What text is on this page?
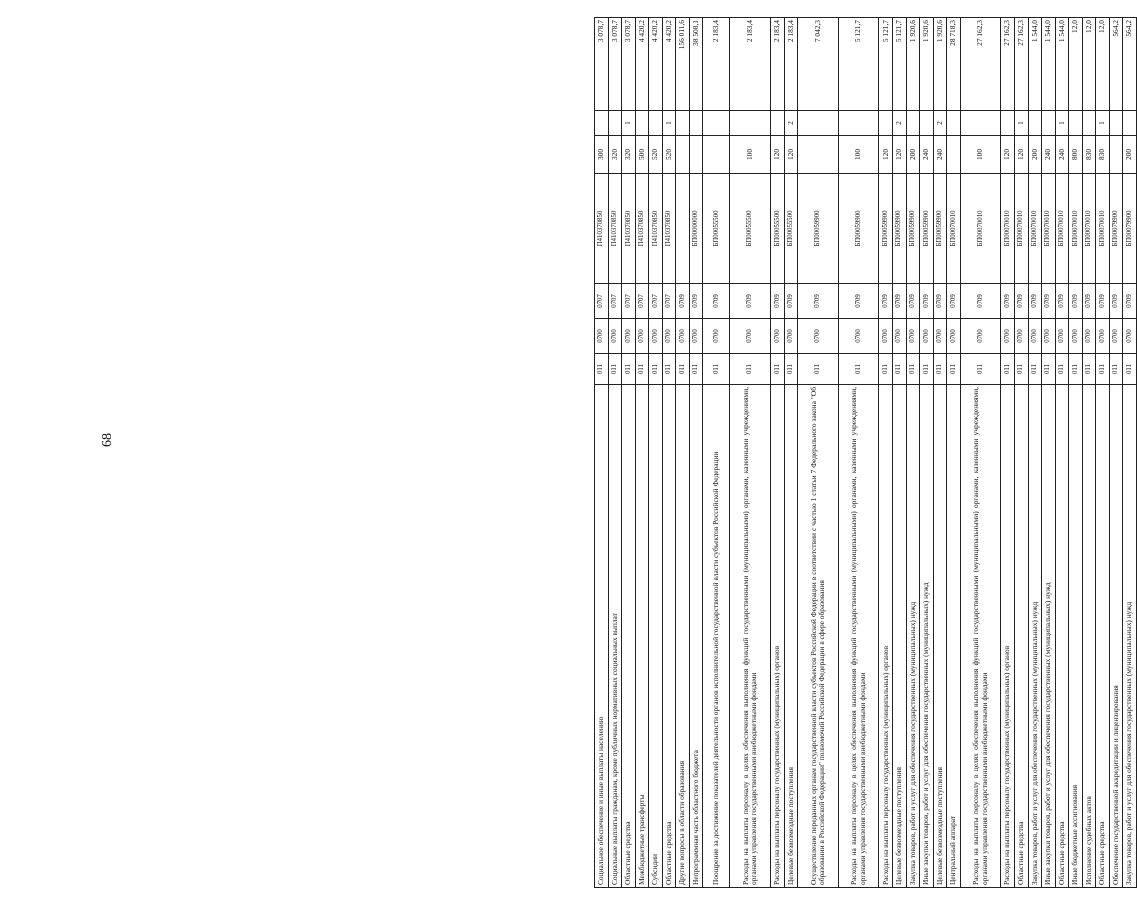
68
Социальное обеспечение и иные выплаты населению	011	0700	0707	П410370850	300		3 078,7
Социальные выплаты гражданам, кроме публичных нормативных социальных выплат	011	0700	0707	П410370850	320		3 078,7
Областные средства	011	0700	0707	П410370850	320	1	3 078,7
Межбюджетные трансферты	011	0700	0707	П410370850	500		4 420,2
Субсидии	011	0700	0707	П410370850	520		4 420,2
Областные средства	011	0700	0707	П410370850	520	1	4 420,2
Другие вопросы в области образования	011	0700	0709				156 011,6
Непрограммная часть областного бюджета	011	0700	0709	БП00000000			38 508,1
Поощрение за достижение показателей деятельности органов исполнительной государственной власти субъектов Российской Федерации	011	0700	0709	БП00055500			2 183,4
Расходы на выплаты персоналу в целях обеспечения выполнения функций государственными (муниципальными) органами, казенными учреждениями, органами управления государственными внебюджетными фондами	011	0700	0709	БП00055500	100		2 183,4
Расходы на выплаты персоналу государственных (муниципальных) органов	011	0700	0709	БП00055500	120		2 183,4
Целевые безвозмездные поступления	011	0700	0709	БП00055500	120	2	2 183,4
Осуществление переданных органам государственной власти субъектов Российской Федерации в соответствии с частью 1 статьи 7 Федерального закона "Об образовании в Российской Федерации" полномочий Российской Федерации в сфере образования	011	0700	0709	БП00059900			7 042,3
Расходы на выплаты персоналу в целях обеспечения выполнения функций государственными (муниципальными) органами, казенными учреждениями, органами управления государственными внебюджетными фондами	011	0700	0709	БП00059900	100		5 121,7
Расходы на выплаты персоналу государственных (муниципальных) органов	011	0700	0709	БП00059900	120		5 121,7
Целевые безвозмездные поступления	011	0700	0709	БП00059900	120	2	5 121,7
Закупка товаров, работ и услуг для обеспечения государственных (муниципальных) нужд	011	0700	0709	БП00059900	200		1 920,6
Иные закупки товаров, работ и услуг для обеспечения государственных (муниципальных) нужд	011	0700	0709	БП00059900	240		1 920,6
Целевые безвозмездные поступления	011	0700	0709	БП00059900	240	2	1 920,6
Центральный аппарат	011	0700	0709	БП00070010			28 718,3
Расходы на выплаты персоналу в целях обеспечения выполнения функций государственными (муниципальными) органами, казенными учреждениями, органами управления государственными внебюджетными фондами	011	0700	0709	БП00070010	100		27 162,3
Расходы на выплаты персоналу государственных (муниципальных) органов	011	0700	0709	БП00070010	120		27 162,3
Областные средства	011	0700	0709	БП00070010	120	1	27 162,3
Закупка товаров, работ и услуг для обеспечения государственных (муниципальных) нужд	011	0700	0709	БП00070010	200		1 544,0
Иные закупки товаров, работ и услуг для обеспечения государственных (муниципальных) нужд	011	0700	0709	БП00070010	240		1 544,0
Областные средства	011	0700	0709	БП00070010	240	1	1 544,0
Иные бюджетные ассигнования	011	0700	0709	БП00070010	800		12,0
Исполнение судебных актов	011	0700	0709	БП00070010	830		12,0
Областные средства	011	0700	0709	БП00070010	830	1	12,0
Обеспечение государственной аккредитации и лицензирования	011	0700	0709	БП00079900			564,2
Закупка товаров, работ и услуг для обеспечения государственных (муниципальных) нужд	011	0700	0709	БП00079900	200		564,2
